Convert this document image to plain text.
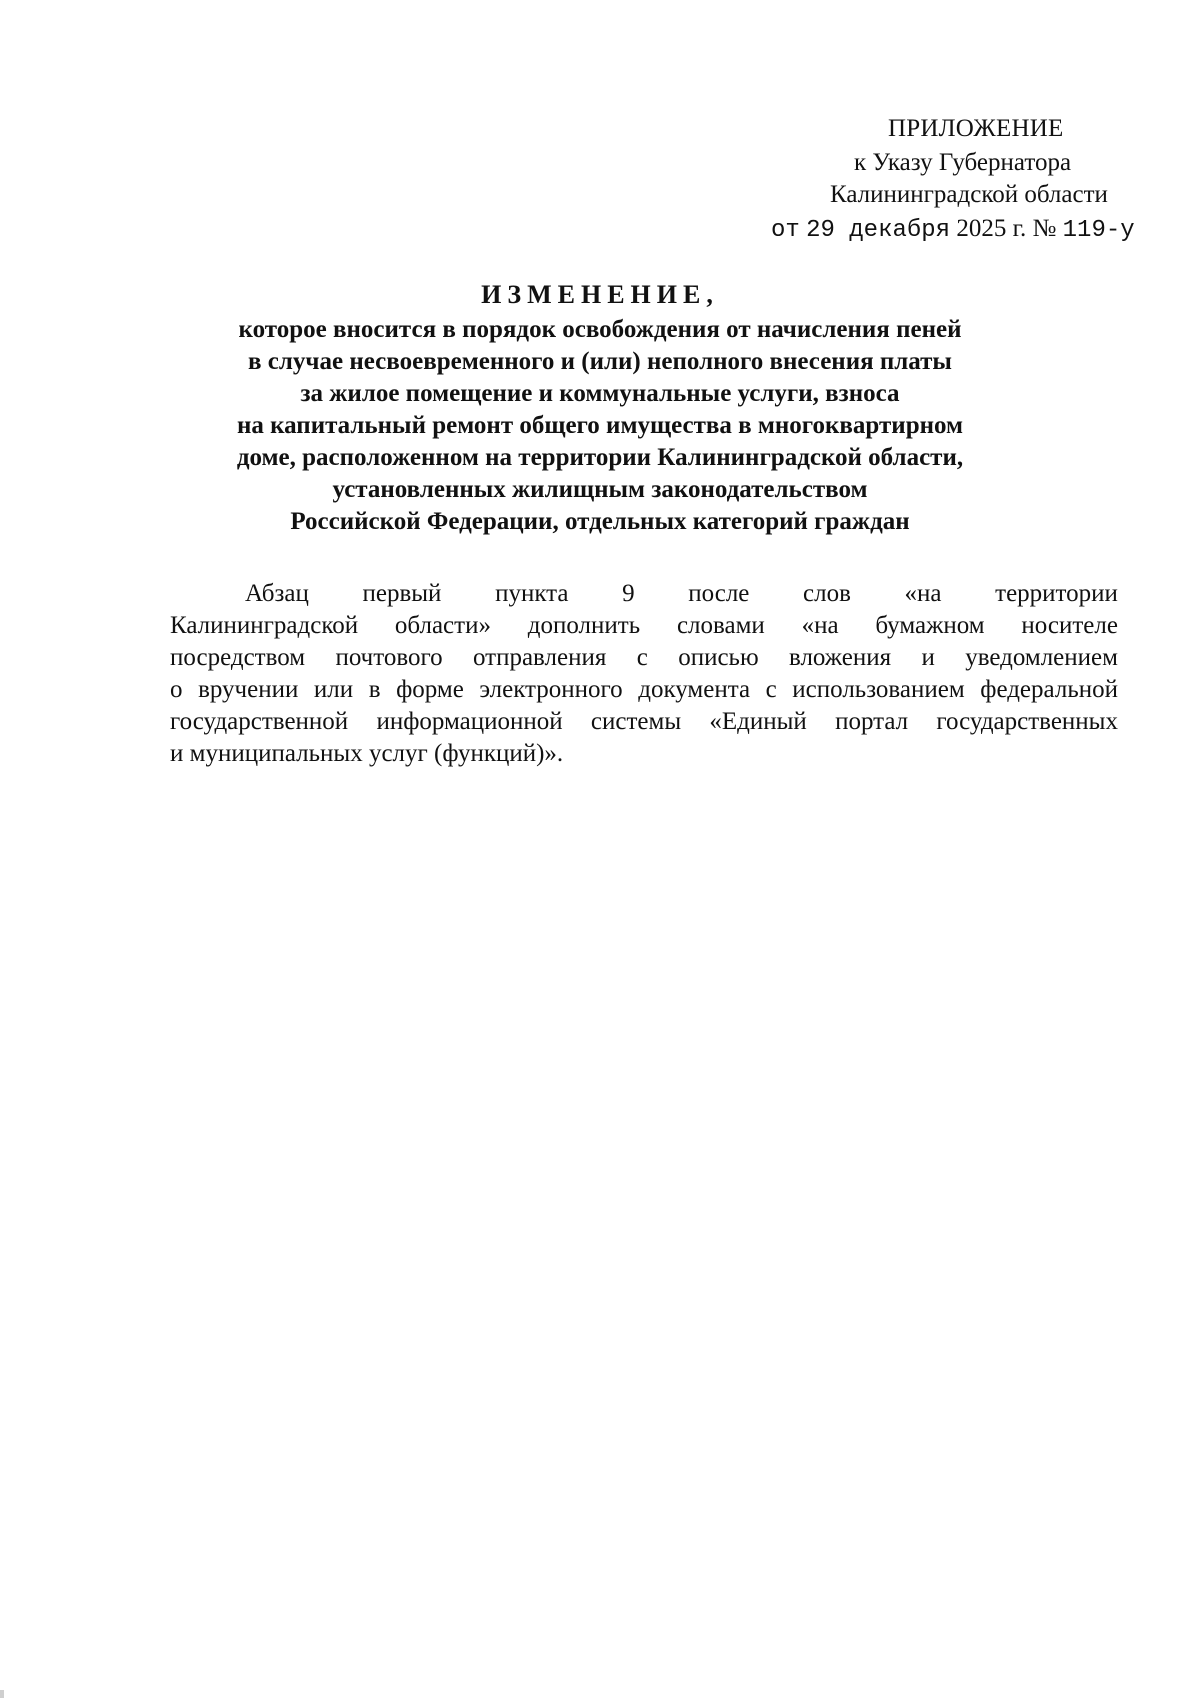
ПРИЛОЖЕНИЕ
к Указу Губернатора
Калининградской области
от 29 декабря 2025 г. № 119-у
ИЗМЕНЕНИЕ,
которое вносится в порядок освобождения от начисления пеней
в случае несвоевременного и (или) неполного внесения платы
за жилое помещение и коммунальные услуги, взноса
на капитальный ремонт общего имущества в многоквартирном
доме, расположенном на территории Калининградской области,
установленных жилищным законодательством
Российской Федерации, отдельных категорий граждан
Абзац первый пункта 9 после слов «на территории
Калининградской области» дополнить словами «на бумажном носителе
посредством почтового отправления с описью вложения и уведомлением
о вручении или в форме электронного документа с использованием федеральной
государственной информационной системы «Единый портал государственных
и муниципальных услуг (функций)».
